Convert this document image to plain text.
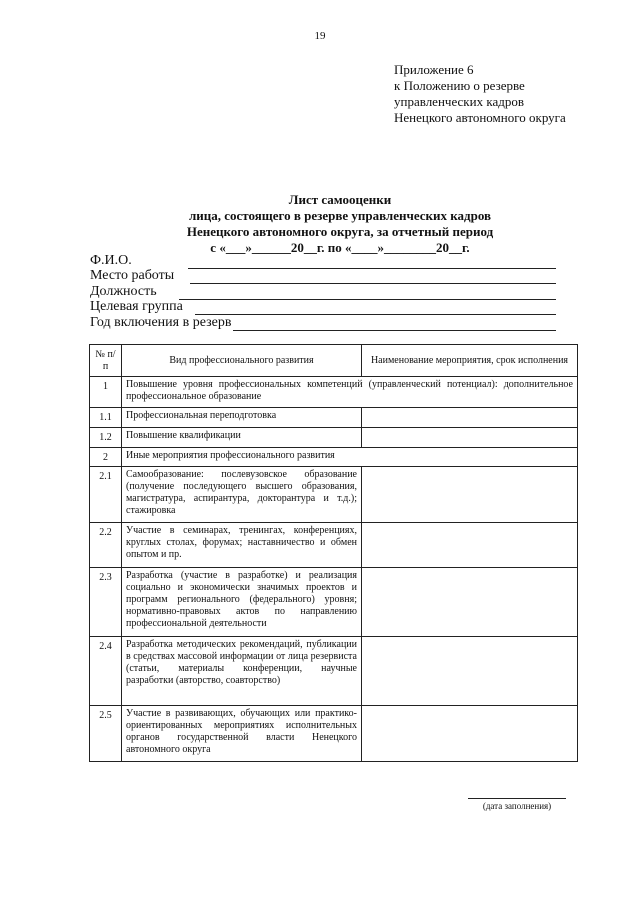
19
Приложение 6
к Положению о резерве
управленческих кадров
Ненецкого автономного округа
Лист самооценки
лица, состоящего в резерве управленческих кадров
Ненецкого автономного округа, за отчетный период
с «___»______20__г. по «____»________20__г.
Ф.И.О.
Место работы
Должность
Целевая группа
Год включения в резерв
№ п/п	Вид профессионального развития	Наименование мероприятия, срок исполнения
1	Повышение уровня профессиональных компетенций (управленческий потенциал): дополнительное профессиональное образование	
1.1	Профессиональная переподготовка	
1.2	Повышение квалификации	
2	Иные мероприятия профессионального развития	
2.1	Самообразование: послевузовское образование (получение последующего высшего образования, магистратура, аспирантура, докторантура и т.д.); стажировка	
2.2	Участие в семинарах, тренингах, конференциях, круглых столах, форумах; наставничество и обмен опытом и пр.	
2.3	Разработка (участие в разработке) и реализация социально и экономически значимых проектов и программ регионального (федерального) уровня; нормативно-правовых актов по направлению профессиональной деятельности	
2.4	Разработка методических рекомендаций, публикации в средствах массовой информации от лица резервиста (статьи, материалы конференции, научные разработки (авторство, соавторство)	
2.5	Участие в развивающих, обучающих или практико-ориентированных мероприятиях исполнительных органов государственной власти Ненецкого автономного округа	
(дата заполнения)
